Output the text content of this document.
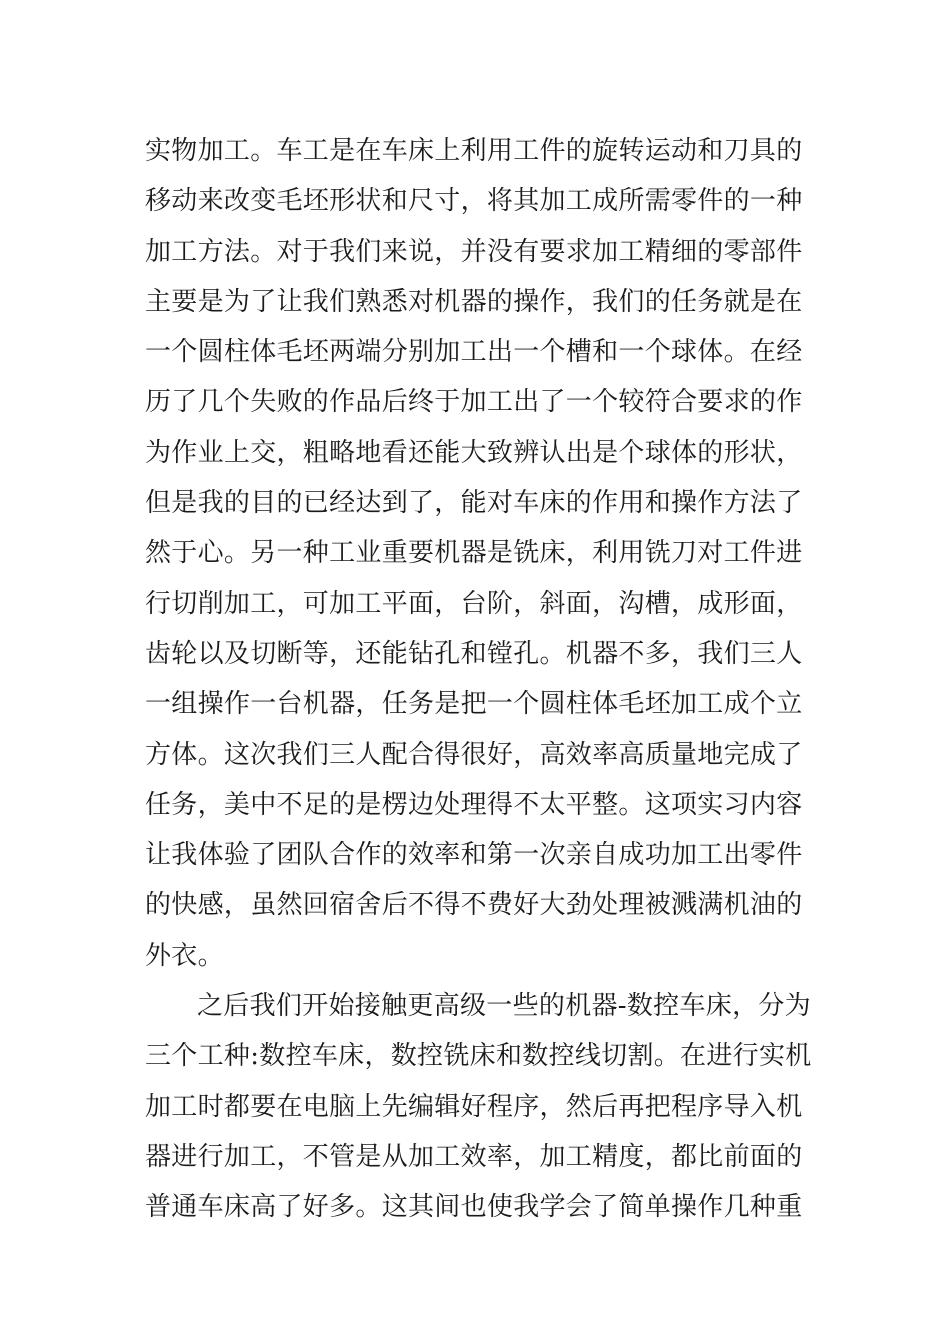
实物加工。车工是在车床上利用工件的旋转运动和刀具的
移动来改变毛坯形状和尺寸，将其加工成所需零件的一种
加工方法。对于我们来说，并没有要求加工精细的零部件
主要是为了让我们熟悉对机器的操作，我们的任务就是在
一个圆柱体毛坯两端分别加工出一个槽和一个球体。在经
历了几个失败的作品后终于加工出了一个较符合要求的作
为作业上交，粗略地看还能大致辨认出是个球体的形状，
但是我的目的已经达到了，能对车床的作用和操作方法了
然于心。另一种工业重要机器是铣床，利用铣刀对工件进
行切削加工，可加工平面，台阶，斜面，沟槽，成形面，
齿轮以及切断等，还能钻孔和镗孔。机器不多，我们三人
一组操作一台机器，任务是把一个圆柱体毛坯加工成个立
方体。这次我们三人配合得很好，高效率高质量地完成了
任务，美中不足的是楞边处理得不太平整。这项实习内容
让我体验了团队合作的效率和第一次亲自成功加工出零件
的快感，虽然回宿舍后不得不费好大劲处理被溅满机油的
外衣。
之后我们开始接触更高级一些的机器-数控车床，分为
三个工种:数控车床，数控铣床和数控线切割。在进行实机
加工时都要在电脑上先编辑好程序，然后再把程序导入机
器进行加工，不管是从加工效率，加工精度，都比前面的
普通车床高了好多。这其间也使我学会了简单操作几种重
